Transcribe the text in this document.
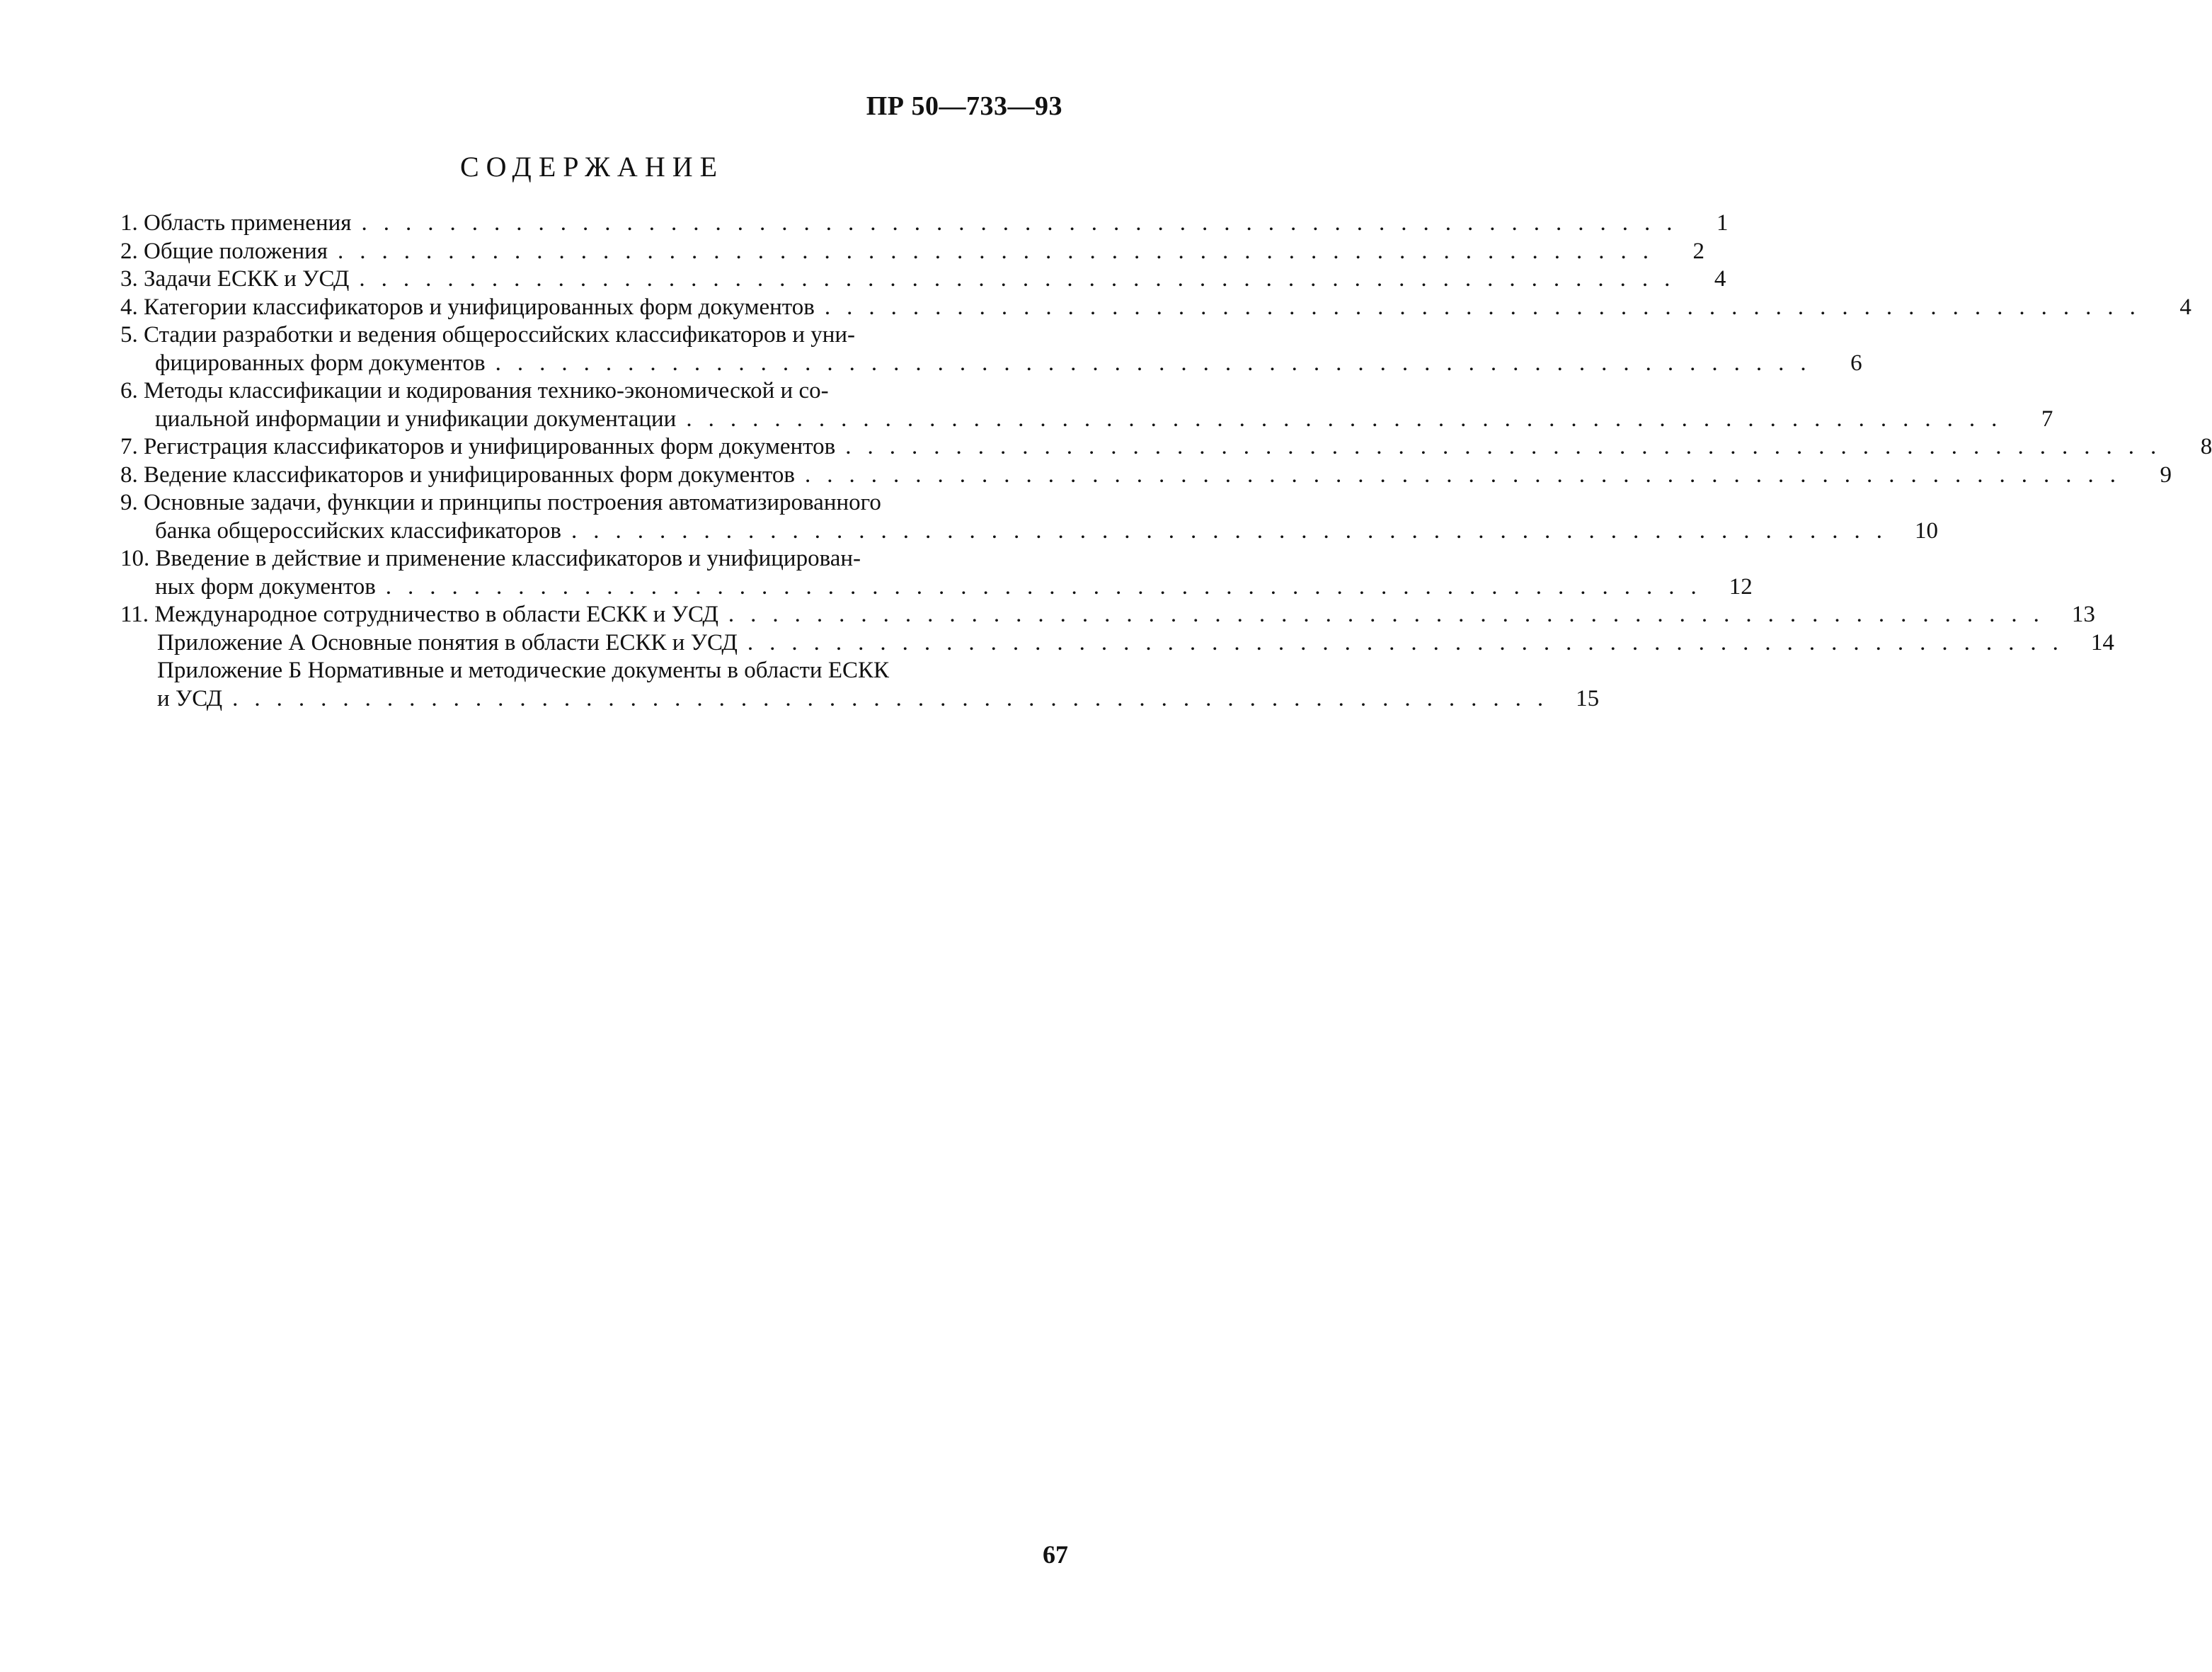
ПР 50—733—93
СОДЕРЖАНИЕ
1. Область применения ............................................................	1
2. Общие положения ............................................................	2
3. Задачи ЕСКК и УСД ............................................................	4
4. Категории классификаторов и унифицированных форм документов ............................................................	4
5. Стадии разработки и ведения общероссийских классификаторов и уни-
фицированных форм документов ............................................................	6
6. Методы классификации и кодирования технико-экономической и со-
циальной информации и унификации документации ............................................................	7
7. Регистрация классификаторов и унифицированных форм документов ............................................................	8
8. Ведение классификаторов и унифицированных форм документов ............................................................	9
9. Основные задачи, функции и принципы построения автоматизированного
банка общероссийских классификаторов ............................................................ 10
10. Введение в действие и применение классификаторов и унифицирован-
ных форм документов ............................................................ 12
11. Международное сотрудничество в области ЕСКК и УСД ............................................................ 13
Приложение А Основные понятия в области ЕСКК и УСД ............................................................ 14
Приложение Б Нормативные и методические документы в области ЕСКК
и УСД ............................................................ 15
67
